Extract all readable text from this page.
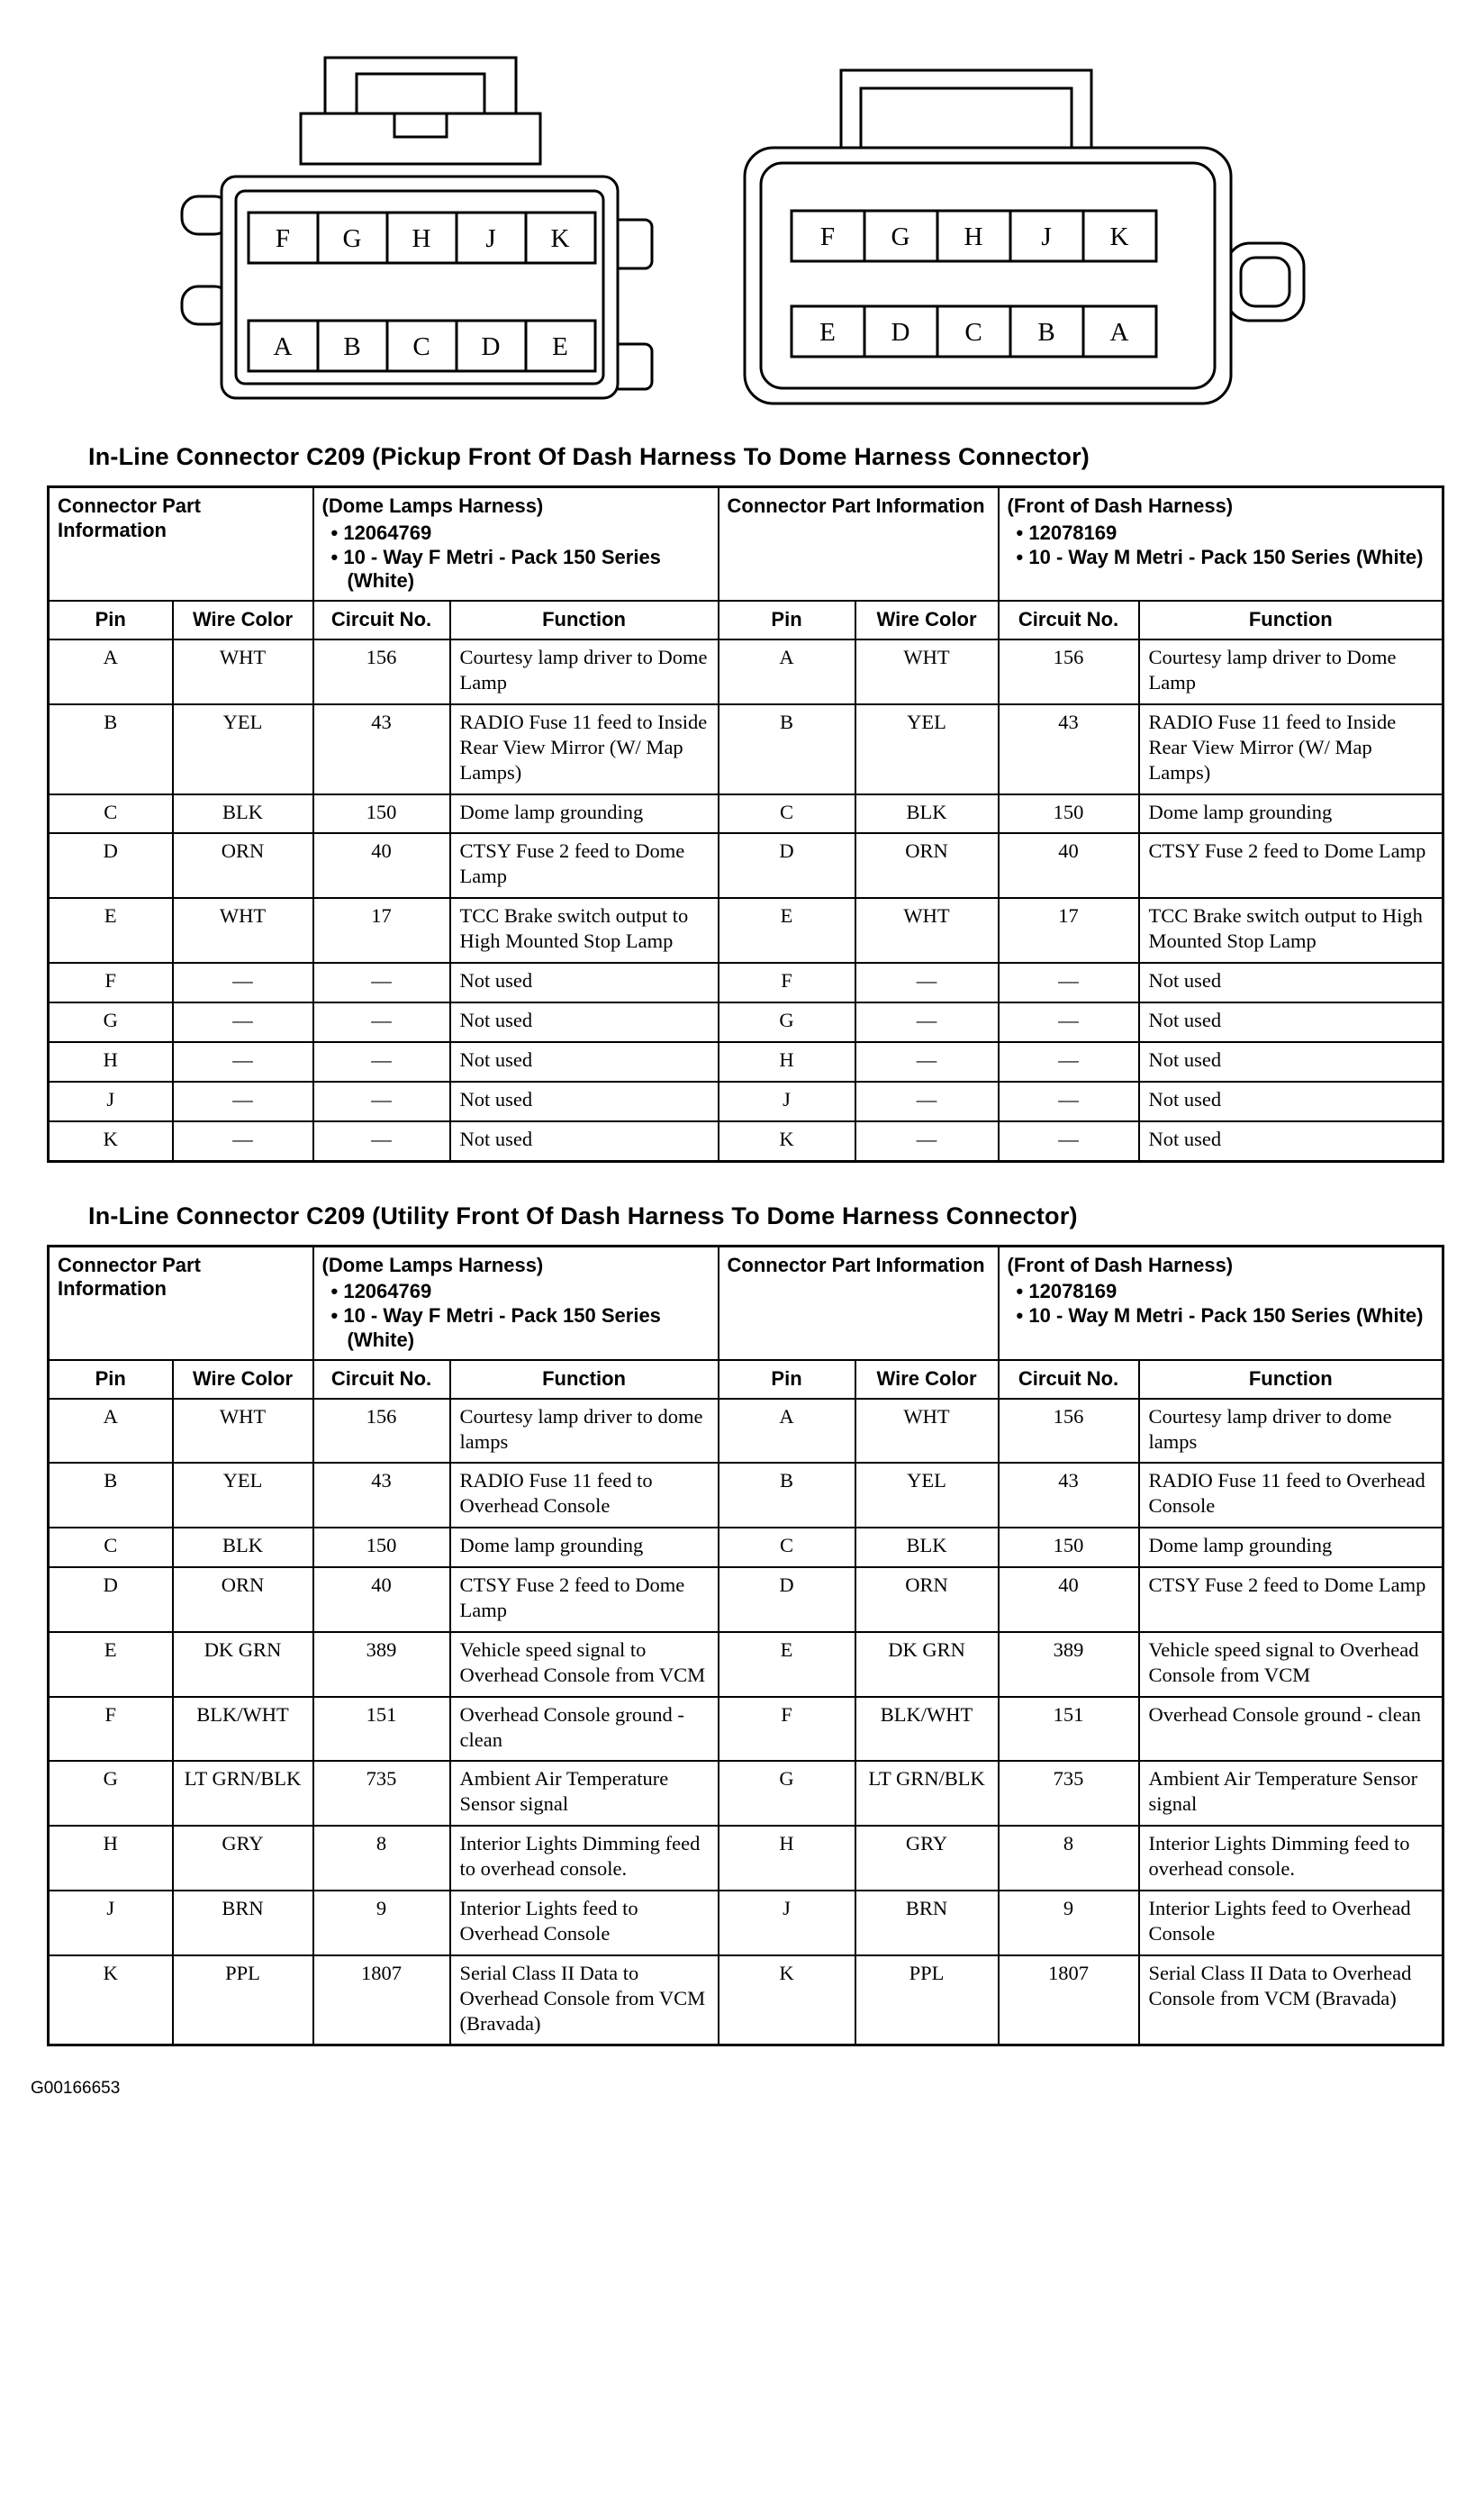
F G H J K
A B C D E
F G H J K
E D C B A
In-Line Connector C209 (Pickup Front Of Dash Harness To Dome Harness Connector)
Connector Part Information	
(Dome Lamps Harness)
• 12064769
• 10 - Way F Metri - Pack 150 Series (White)
	Connector Part Information	(Front of Dash Harness)
• 12078169
• 10 - Way M Metri - Pack 150 Series (White)

Pin	Wire Color	Circuit No.	Function	Pin	Wire Color	Circuit No.	Function
A	WHT	156	Courtesy lamp driver to Dome Lamp	A	WHT	156	Courtesy lamp driver to Dome Lamp
B	YEL	43	RADIO Fuse 11 feed to Inside Rear View Mirror (W/ Map Lamps)	B	YEL	43	RADIO Fuse 11 feed to Inside Rear View Mirror (W/ Map Lamps)
C	BLK	150	Dome lamp grounding	C	BLK	150	Dome lamp grounding
D	ORN	40	CTSY Fuse 2 feed to Dome Lamp	D	ORN	40	CTSY Fuse 2 feed to Dome Lamp
E	WHT	17	TCC Brake switch output to High Mounted Stop Lamp	E	WHT	17	TCC Brake switch output to High Mounted Stop Lamp
F	—	—	Not used	F	—	—	Not used
G	—	—	Not used	G	—	—	Not used
H	—	—	Not used	H	—	—	Not used
J	—	—	Not used	J	—	—	Not used
K	—	—	Not used	K	—	—	Not used
In-Line Connector C209 (Utility Front Of Dash Harness To Dome Harness Connector)
Connector Part Information	
(Dome Lamps Harness)
• 12064769
• 10 - Way F Metri - Pack 150 Series (White)
	Connector Part Information	(Front of Dash Harness)
• 12078169
• 10 - Way M Metri - Pack 150 Series (White)

Pin	Wire Color	Circuit No.	Function	Pin	Wire Color	Circuit No.	Function
A	WHT	156	Courtesy lamp driver to dome lamps	A	WHT	156	Courtesy lamp driver to dome lamps
B	YEL	43	RADIO Fuse 11 feed to Overhead Console	B	YEL	43	RADIO Fuse 11 feed to Overhead Console
C	BLK	150	Dome lamp grounding	C	BLK	150	Dome lamp grounding
D	ORN	40	CTSY Fuse 2 feed to Dome Lamp	D	ORN	40	CTSY Fuse 2 feed to Dome Lamp
E	DK GRN	389	Vehicle speed signal to Overhead Console from VCM	E	DK GRN	389	Vehicle speed signal to Overhead Console from VCM
F	BLK/WHT	151	Overhead Console ground - clean	F	BLK/WHT	151	Overhead Console ground - clean
G	LT GRN/BLK	735	Ambient Air Temperature Sensor signal	G	LT GRN/BLK	735	Ambient Air Temperature Sensor signal
H	GRY	8	Interior Lights Dimming feed to overhead console.	H	GRY	8	Interior Lights Dimming feed to overhead console.
J	BRN	9	Interior Lights feed to Overhead Console	J	BRN	9	Interior Lights feed to Overhead Console
K	PPL	1807	Serial Class II Data to Overhead Console from VCM (Bravada)	K	PPL	1807	Serial Class II Data to Overhead Console from VCM (Bravada)
G00166653
